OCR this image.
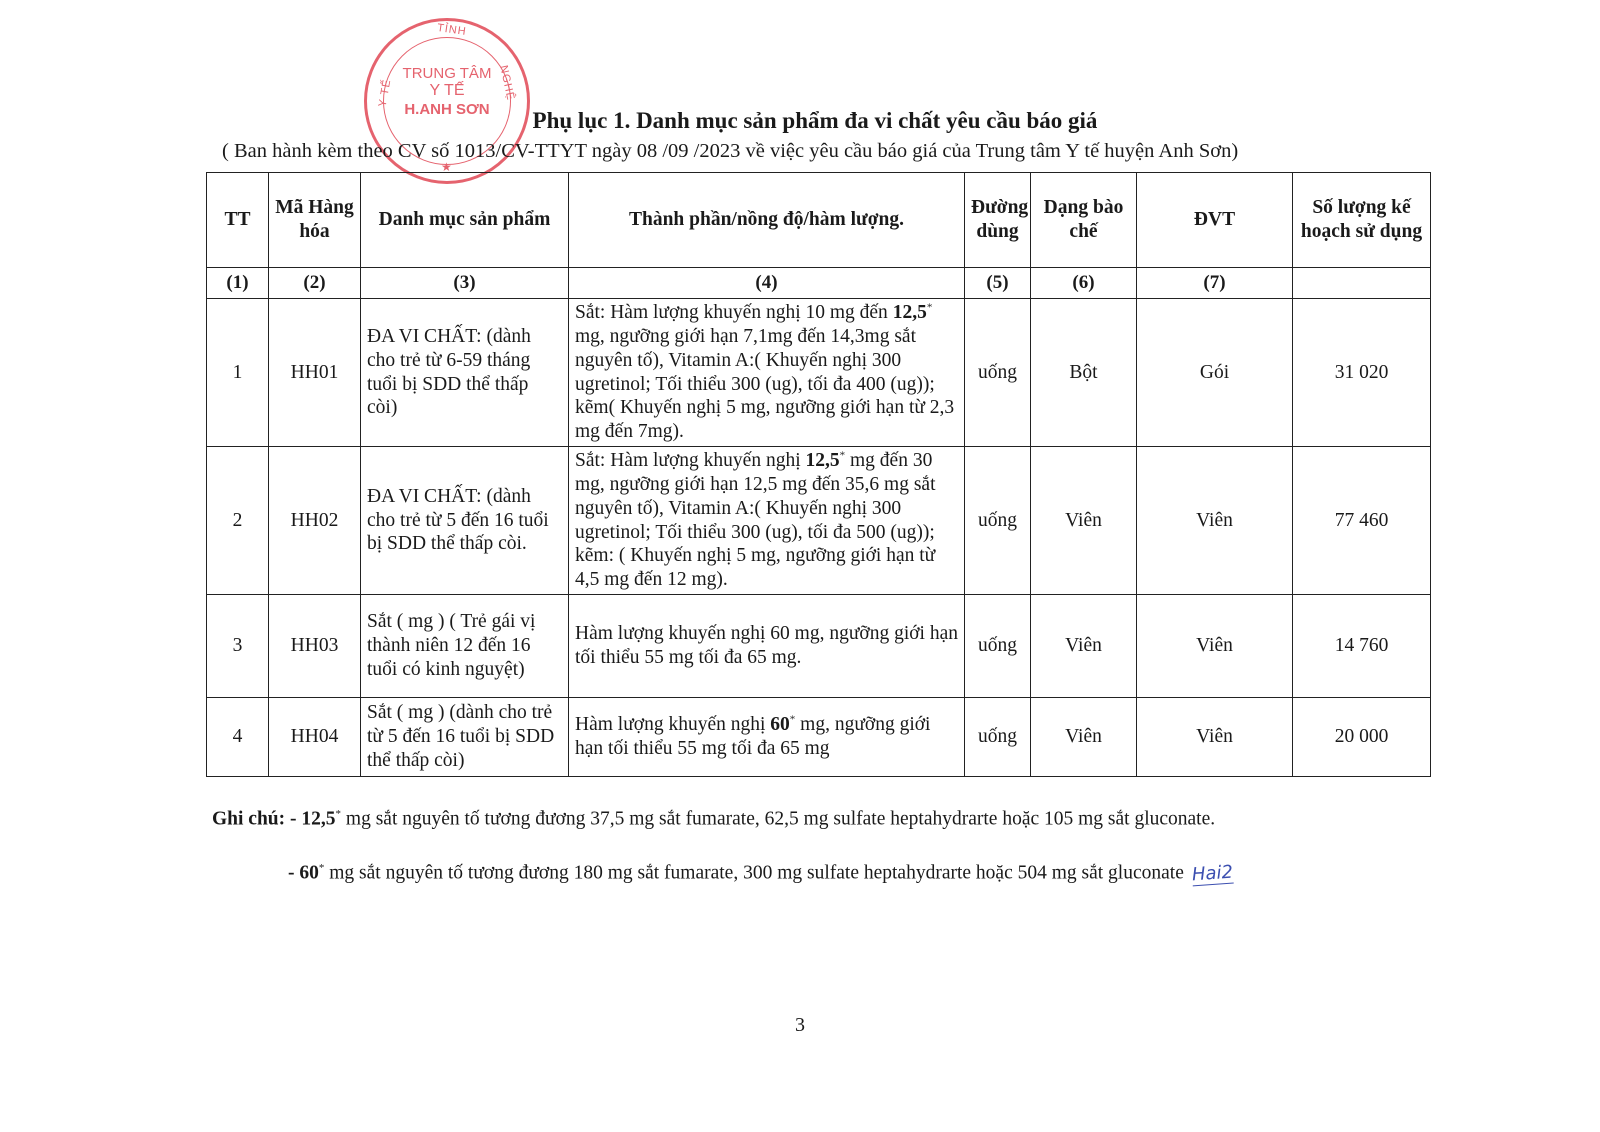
TỈNH
Y TẾ	NGHỆ
TRUNG TÂM
Y TẾ
H.ANH SƠN
★
Phụ lục 1. Danh mục sản phẩm đa vi chất yêu cầu báo giá
( Ban hành kèm theo CV số 1013/CV-TTYT ngày 08 /09 /2023 về việc yêu cầu báo giá của Trung tâm Y tế huyện Anh Sơn)
TT	Mã Hàng hóa	Danh mục sản phẩm	Thành phần/nồng độ/hàm lượng.	Đường dùng	Dạng bào chế	ĐVT	Số lượng kế hoạch sử dụng
(1)	(2)	(3)	(4)	(5)	(6)	(7)	
1	HH01	ĐA VI CHẤT: (dành cho trẻ từ 6-59 tháng tuổi bị SDD thể thấp còi)	Sắt: Hàm lượng khuyến nghị 10 mg đến 12,5* mg, ngưỡng giới hạn 7,1mg đến 14,3mg sắt nguyên tố), Vitamin A:( Khuyến nghị 300 ugretinol; Tối thiểu 300 (ug), tối đa 400 (ug)); kẽm( Khuyến nghị 5 mg, ngưỡng giới hạn từ 2,3 mg đến 7mg).	uống	Bột	Gói	31 020
2	HH02	ĐA VI CHẤT: (dành cho trẻ từ 5 đến 16 tuổi bị SDD thể thấp còi.	Sắt: Hàm lượng khuyến nghị 12,5* mg đến 30 mg, ngưỡng giới hạn 12,5 mg đến 35,6 mg sắt nguyên tố), Vitamin A:( Khuyến nghị 300 ugretinol; Tối thiểu 300 (ug), tối đa 500 (ug)); kẽm: ( Khuyến nghị 5 mg, ngưỡng giới hạn từ 4,5 mg đến 12 mg).	uống	Viên	Viên	77 460
3	HH03	Sắt ( mg ) ( Trẻ gái vị thành niên 12 đến 16 tuổi có kinh nguyệt)	Hàm lượng khuyến nghị 60 mg, ngưỡng giới hạn tối thiểu 55 mg tối đa 65 mg.	uống	Viên	Viên	14 760
4	HH04	Sắt ( mg ) (dành cho trẻ từ 5 đến 16 tuổi bị SDD thể thấp còi)	Hàm lượng khuyến nghị 60* mg, ngưỡng giới hạn tối thiểu 55 mg tối đa 65 mg	uống	Viên	Viên	20 000
Ghi chú: - 12,5* mg sắt nguyên tố tương đương 37,5 mg sắt fumarate, 62,5 mg sulfate heptahydrarte hoặc 105 mg sắt gluconate.
- 60* mg sắt nguyên tố tương đương 180 mg sắt fumarate, 300 mg sulfate heptahydrarte hoặc 504 mg sắt gluconate Hai2
3
